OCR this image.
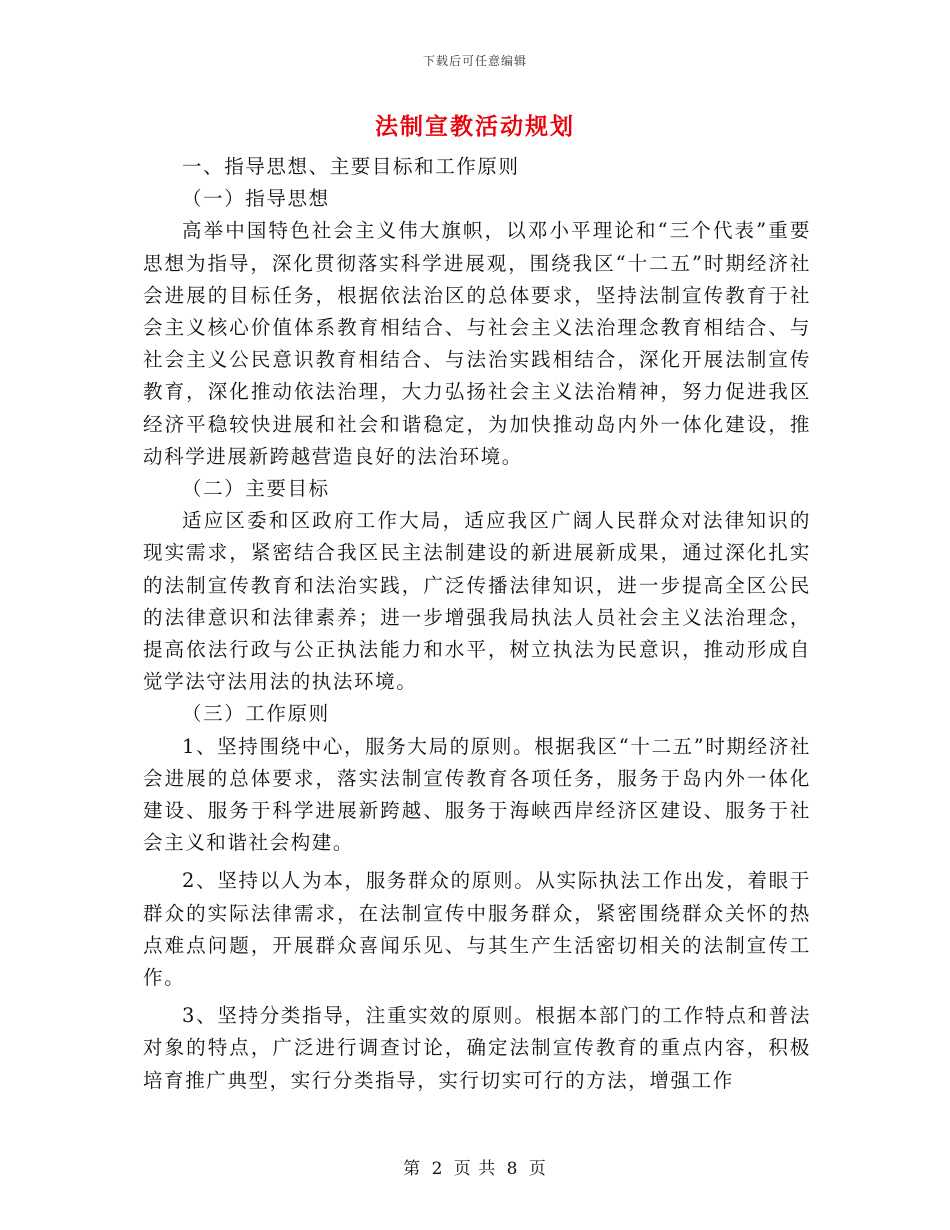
下载后可任意编辑
法制宣教活动规划

一、指导思想、主要目标和工作原则

（一）指导思想

高举中国特色社会主义伟大旗帜，以邓小平理论和“三个代表”重要思想为指导，深化贯彻落实科学进展观，围绕我区“十二五”时期经济社会进展的目标任务，根据依法治区的总体要求，坚持法制宣传教育于社会主义核心价值体系教育相结合、与社会主义法治理念教育相结合、与社会主义公民意识教育相结合、与法治实践相结合，深化开展法制宣传教育，深化推动依法治理，大力弘扬社会主义法治精神，努力促进我区经济平稳较快进展和社会和谐稳定，为加快推动岛内外一体化建设，推动科学进展新跨越营造良好的法治环境。

（二）主要目标

适应区委和区政府工作大局，适应我区广阔人民群众对法律知识的现实需求，紧密结合我区民主法制建设的新进展新成果，通过深化扎实的法制宣传教育和法治实践，广泛传播法律知识，进一步提高全区公民的法律意识和法律素养；进一步增强我局执法人员社会主义法治理念，提高依法行政与公正执法能力和水平，树立执法为民意识，推动形成自觉学法守法用法的执法环境。

（三）工作原则

1、坚持围绕中心，服务大局的原则。根据我区“十二五”时期经济社会进展的总体要求，落实法制宣传教育各项任务，服务于岛内外一体化建设、服务于科学进展新跨越、服务于海峡西岸经济区建设、服务于社会主义和谐社会构建。

2、坚持以人为本，服务群众的原则。从实际执法工作出发，着眼于群众的实际法律需求，在法制宣传中服务群众，紧密围绕群众关怀的热点难点问题，开展群众喜闻乐见、与其生产生活密切相关的法制宣传工作。

3、坚持分类指导，注重实效的原则。根据本部门的工作特点和普法对象的特点，广泛进行调查讨论，确定法制宣传教育的重点内容，积极培育推广典型，实行分类指导，实行切实可行的方法，增强工作

第 2 页 共 8 页
